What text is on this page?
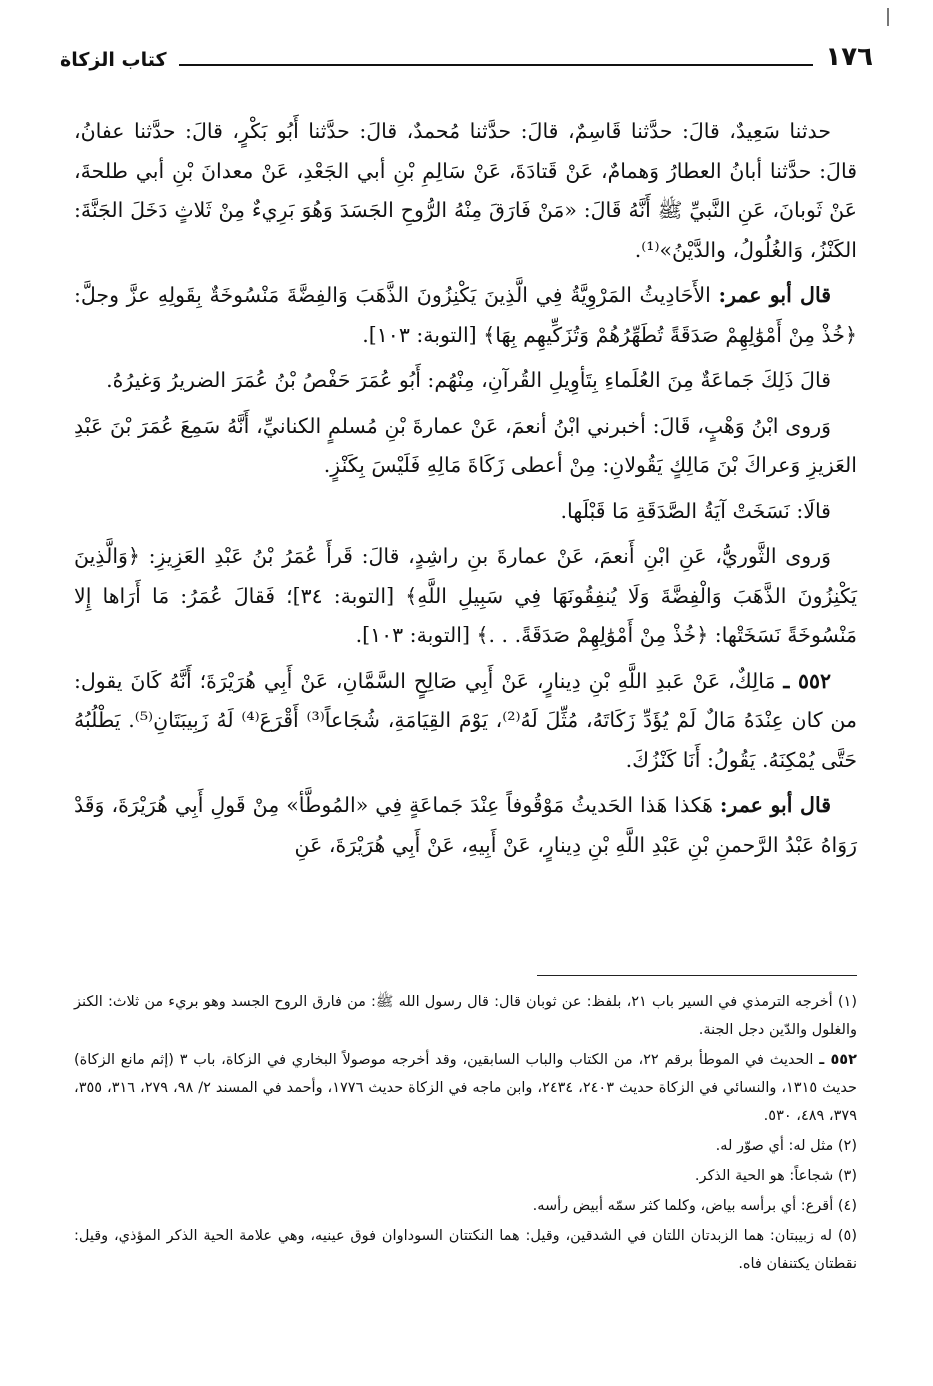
١٧٦
كتاب الزكاة

حدثنا سَعِيدٌ، قالَ: حدَّثنا قَاسِمٌ، قالَ: حدَّثنا مُحمدٌ، قالَ: حدَّثنا أَبُو بَكْرٍ، قالَ: حدَّثنا عفانُ، قالَ: حدَّثنا أبانُ العطارُ وَهمامٌ، عَنْ قَتادَةَ، عَنْ سَالِمِ بْنِ أبي الجَعْدِ، عَنْ معدانَ بْنِ أبي طلحةَ، عَنْ ثَوبانَ، عَنِ النَّبيِّ ﷺ أَنَّهُ قَالَ: «مَنْ فَارَقَ مِنْهُ الرُّوحِ الجَسَدَ وَهُوَ بَرِيءٌ مِنْ ثَلاثٍ دَخَلَ الجَنَّةَ: الكَنْزُ، وَالغُلُولُ، والدَّيْنُ»⁽¹⁾.

قال أبو عمر: الأَحَادِيثُ المَرْوِيَّةُ فِي الَّذِينَ يَكْنِزُونَ الذَّهَبَ وَالفِضَّةَ مَنْسُوخَةٌ بِقَولِهِ عزَّ وجلَّ: ﴿خُذْ مِنْ أَمْوَٰلِهِمْ صَدَقَةً تُطَهِّرُهُمْ وَتُزَكِّيهِم بِهَا﴾ [التوبة: ١٠٣].

قالَ ذَلِكَ جَماعَةٌ مِنَ العُلَماءِ بِتَأوِيلِ القُرآنِ، مِنْهُم: أَبُو عُمَرَ حَفْصُ بْنُ عُمَرَ الضريرُ وَغيرُهُ.

وَروى ابْنُ وَهْبٍ، قَالَ: أخبرني ابْنُ أنعمَ، عَنْ عمارةَ بْنِ مُسلمٍ الكنانيِّ، أَنَّهُ سَمِعَ عُمَرَ بْنَ عَبْدِ العَزيزِ وَعراكَ بْنَ مَالِكٍ يَقُولانِ: مِنْ أعطى زَكَاةَ مَالِهِ فَلَيْسَ بِكَنْزٍ.

قالَا: نَسَخَتْ آيَةُ الصَّدَقَةِ مَا قَبْلَها.

وَروى الثَّوريُّ، عَنِ ابْنِ أَنعمَ، عَنْ عمارةَ بنِ راشِدٍ، قالَ: قَرأَ عُمَرُ بْنُ عَبْدِ العَزِيزِ: ﴿وَالَّذِينَ يَكْنِزُونَ الذَّهَبَ وَالْفِضَّةَ وَلَا يُنفِقُونَهَا فِي سَبِيلِ اللَّهِ﴾ [التوبة: ٣٤]؛ فَقالَ عُمَرُ: مَا أَرَاها إِلا مَنْسُوخَةً نَسَخَتْها: ﴿خُذْ مِنْ أَمْوَٰلِهِمْ صَدَقَةً. . .﴾ [التوبة: ١٠٣].

٥٥٢ ـ مَالِكٌ، عَنْ عَبدِ اللَّهِ بْنِ دِينارٍ، عَنْ أَبِي صَالِحٍ السَّمَّانِ، عَنْ أَبِي هُرَيْرَةَ؛ أَنَّهُ كَانَ يقول: من كان عِنْدَهُ مَالٌ لَمْ يُؤَدِّ زَكَاتَهُ، مُثِّلَ لَهُ⁽²⁾، يَوْمَ القِيَامَةِ، شُجَاعاً⁽³⁾ أَقْرَعَ⁽⁴⁾ لَهُ زَبِيبَتَانِ⁽⁵⁾. يَطْلُبُهُ حَتَّى يُمْكِنَهُ. يَقُولُ: أَنَا كَنْزُكَ.

قال أبو عمر: هَكذا هَذا الحَديثُ مَوْقُوفاً عِنْدَ جَماعَةٍ فِي «المُوطَّأ» مِنْ قَولِ أَبِي هُرَيْرَةَ، وَقَدْ رَوَاهُ عَبْدُ الرَّحمنِ بْنِ عَبْدِ اللَّهِ بْنِ دِينارٍ، عَنْ أَبِيهِ، عَنْ أَبِي هُرَيْرَةَ، عَنِ

(١) أخرجه الترمذي في السير باب ٢١، بلفظ: عن ثوبان قال: قال رسول الله ﷺ: من فارق الروح الجسد وهو بريء من ثلاث: الكنز والغلول والدّين دجل الجنة.

٥٥٢ ـ الحديث في الموطأ برقم ٢٢، من الكتاب والباب السابقين، وقد أخرجه موصولاً البخاري في الزكاة، باب ٣ (إثم مانع الزكاة) حديث ١٣١٥، والنسائي في الزكاة حديث ٢٤٠٣، ٢٤٣٤، وابن ماجه في الزكاة حديث ١٧٧٦، وأحمد في المسند ٢/ ٩٨، ٢٧٩، ٣١٦، ٣٥٥، ٣٧٩، ٤٨٩، ٥٣٠.

(٢) مثل له: أي صوّر له.

(٣) شجاعاً: هو الحية الذكر.

(٤) أقرع: أي برأسه بياض، وكلما كثر سمّه أبيض رأسه.

(٥) له زبيبتان: هما الزبدتان اللتان في الشدقين، وقيل: هما النكتتان السوداوان فوق عينيه، وهي علامة الحية الذكر المؤذي، وقيل: نقطتان يكتنفان فاه.
